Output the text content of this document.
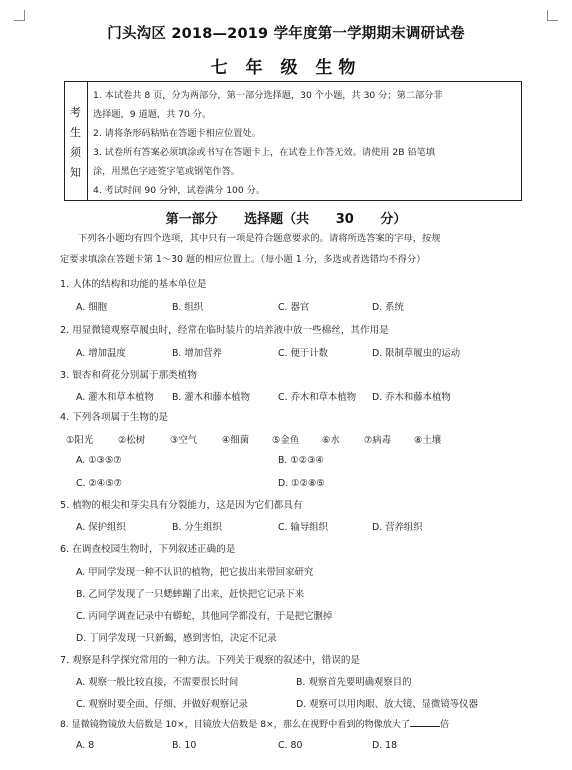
门头沟区 2018—2019 学年度第一学期期末调研试卷
七 年 级 生物
考
生
须
知
1. 本试卷共 8 页，分为两部分，第一部分选择题，30 个小题，共 30 分；第二部分非
选择题，9 道题，共 70 分。
2. 请将条形码粘贴在答题卡相应位置处。
3. 试卷所有答案必须填涂或书写在答题卡上，在试卷上作答无效。请使用 2B 铅笔填
涂，用黑色字迹签字笔或钢笔作答。
4. 考试时间 90 分钟，试卷满分 100 分。
第一部分 选择题（共 30 分）
下列各小题均有四个选项，其中只有一项是符合题意要求的。请将所选答案的字母，按规
定要求填涂在答题卡第 1～30 题的相应位置上。（每小题 1 分，多选或者选错均不得分）
1. 人体的结构和功能的基本单位是
A. 细胞	B. 组织	C. 器官	D. 系统
2. 用显微镜观察草履虫时，经常在临时装片的培养液中放一些棉丝，其作用是
A. 增加温度	B. 增加营养	C. 便于计数	D. 限制草履虫的运动
3. 银杏和荷花分别属于那类植物
A. 灌木和草本植物 B. 灌木和藤本植物	C. 乔木和草本植物 D. 乔木和藤本植物
4. 下列各项属于生物的是
①阳光	②松树	③空气	④细菌 ⑤金鱼 ⑥水	⑦病毒 ⑧土壤
A. ①③⑤⑦	B. ①②③④
C. ②④⑤⑦	D. ①②⑧⑤
5. 植物的根尖和芽尖具有分裂能力，这是因为它们都具有
A. 保护组织	B. 分生组织	C. 输导组织	D. 营养组织
6. 在调查校园生物时，下列叙述正确的是
A. 甲同学发现一种不认识的植物，把它拔出来带回家研究
B. 乙同学发现了一只蟋蟀蹦了出来，赶快把它记录下来
C. 丙同学调查记录中有蟒蛇，其他同学都没有，于是把它删掉
D. 丁同学发现一只新蝎，感到害怕，决定不记录
7. 观察是科学探究常用的一种方法。下列关于观察的叙述中，错误的是
A. 观察一般比较直接，不需要很长时间	B. 观察首先要明确观察目的
C. 观察时要全面、仔细、并做好观察记录	D. 观察可以用肉眼、放大镜、显微镜等仪器
8. 显微镜物镜放大倍数是 10×，目镜放大倍数是 8×，那么在视野中看到的物像放大了	倍
A. 8	B. 10	C. 80	D. 18
